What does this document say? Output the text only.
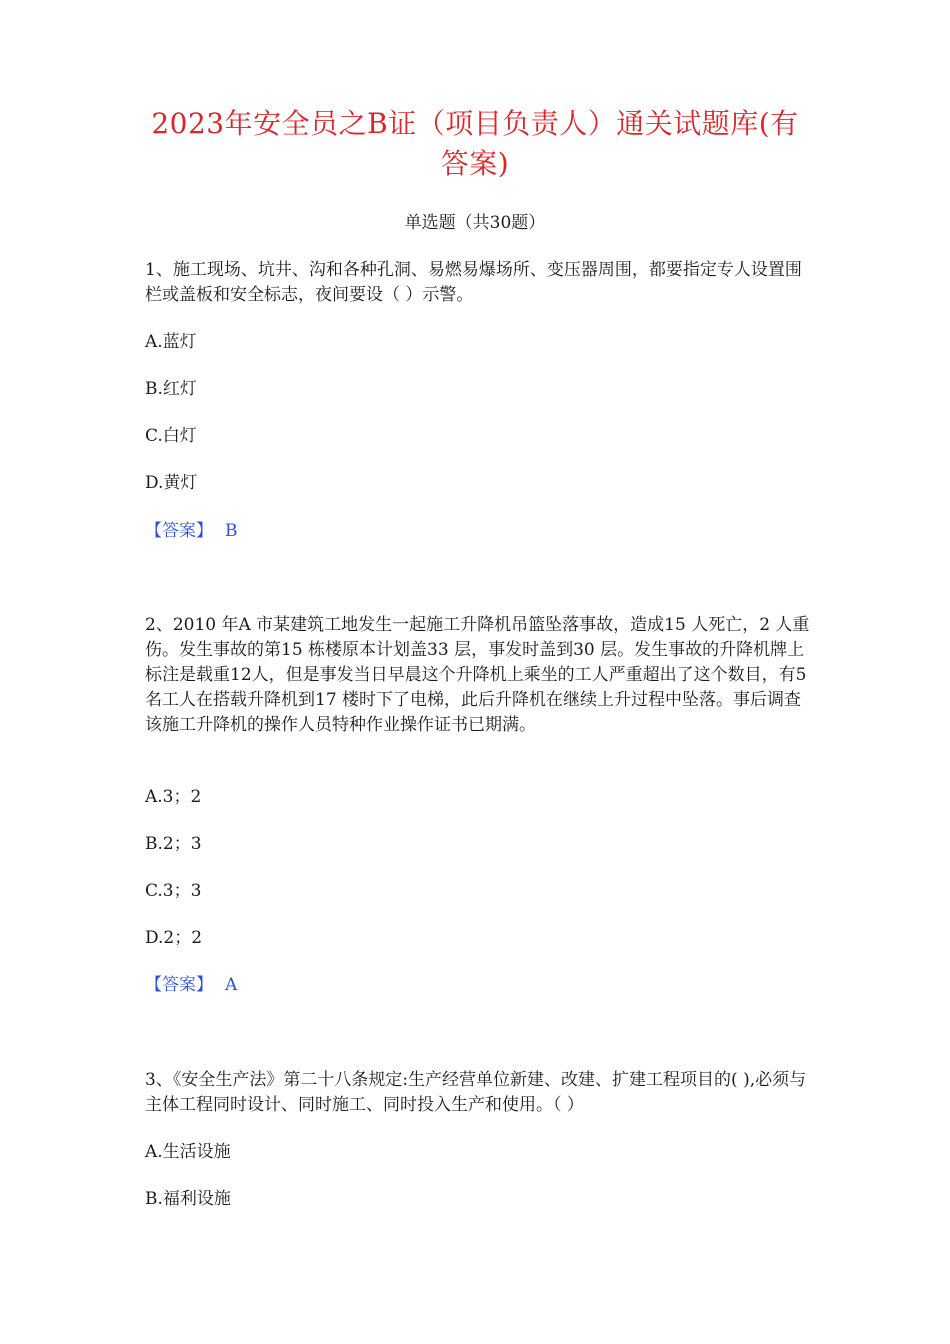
2023年安全员之B证（项目负责人）通关试题库(有
答案)
单选题（共30题）

1、施工现场、坑井、沟和各种孔洞、易燃易爆场所、变压器周围，都要指定专人设置围栏或盖板和安全标志，夜间要设（ ）示警。

A.蓝灯

B.红灯

C.白灯

D.黄灯

【答案】 B

2、2010 年A 市某建筑工地发生一起施工升降机吊篮坠落事故，造成15 人死亡，2 人重伤。发生事故的第15 栋楼原本计划盖33 层，事发时盖到30 层。发生事故的升降机牌上标注是载重12人，但是事发当日早晨这个升降机上乘坐的工人严重超出了这个数目，有5 名工人在搭载升降机到17 楼时下了电梯，此后升降机在继续上升过程中坠落。事后调查该施工升降机的操作人员特种作业操作证书已期满。

A.3；2

B.2；3

C.3；3

D.2；2

【答案】 A

3、《安全生产法》第二十八条规定:生产经营单位新建、改建、扩建工程项目的( ),必须与主体工程同时设计、同时施工、同时投入生产和使用。（ ）

A.生活设施

B.福利设施
